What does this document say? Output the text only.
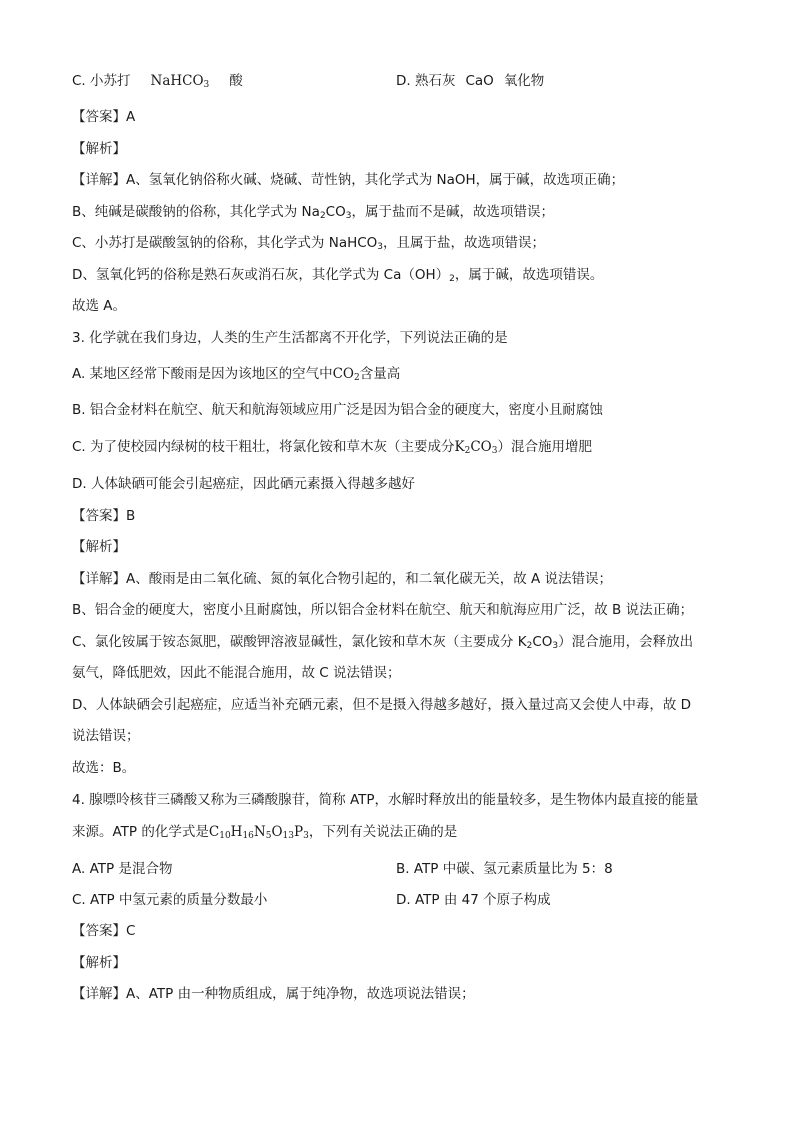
C. 小苏打 NaHCO$_3$ 酸	D. 熟石灰 CaO 氧化物
【答案】A
【解析】
【详解】A、氢氧化钠俗称火碱、烧碱、苛性钠，其化学式为 NaOH，属于碱，故选项正确；
B、纯碱是碳酸钠的俗称，其化学式为 $Na_2CO_3$，属于盐而不是碱，故选项错误；
C、小苏打是碳酸氢钠的俗称，其化学式为 NaHCO$_3$，且属于盐，故选项错误；
D、氢氧化钙的俗称是熟石灰或消石灰，其化学式为 $Ca(OH)_2$，属于碱，故选项错误。
故选 A。
3. 化学就在我们身边，人类的生产生活都离不开化学，下列说法正确的是
A. 某地区经常下酸雨是因为该地区的空气中$CO_2$含量高
B. 铝合金材料在航空、航天和航海领域应用广泛是因为铝合金的硬度大，密度小且耐腐蚀
C. 为了使校园内绿树的枝干粗壮，将氯化铵和草木灰（主要成分$K_2CO_3$）混合施用增肥
D. 人体缺硒可能会引起癌症，因此硒元素摄入得越多越好
【答案】B
【解析】
【详解】A、酸雨是由二氧化硫、氮的氧化合物引起的，和二氧化碳无关，故 A 说法错误；
B、铝合金的硬度大，密度小且耐腐蚀，所以铝合金材料在航空、航天和航海应用广泛，故 B 说法正确；
C、氯化铵属于铵态氮肥，碳酸钾溶液显碱性，氯化铵和草木灰（主要成分 $K_2CO_3$）混合施用，会释放出
氨气，降低肥效，因此不能混合施用，故 C 说法错误；
D、人体缺硒会引起癌症，应适当补充硒元素，但不是摄入得越多越好，摄入量过高又会使人中毒，故 D
说法错误；
故选：B。
4. 腺嘌呤核苷三磷酸又称为三磷酸腺苷，简称 ATP，水解时释放出的能量较多，是生物体内最直接的能量
来源。ATP 的化学式是$C_{10}H_{16}N_5O_{13}P_3$，下列有关说法正确的是
A. ATP 是混合物	B. ATP 中碳、氢元素质量比为 5：8
C. ATP 中氢元素的质量分数最小	D. ATP 由 47 个原子构成
【答案】C
【解析】
【详解】A、ATP 由一种物质组成，属于纯净物，故选项说法错误；
